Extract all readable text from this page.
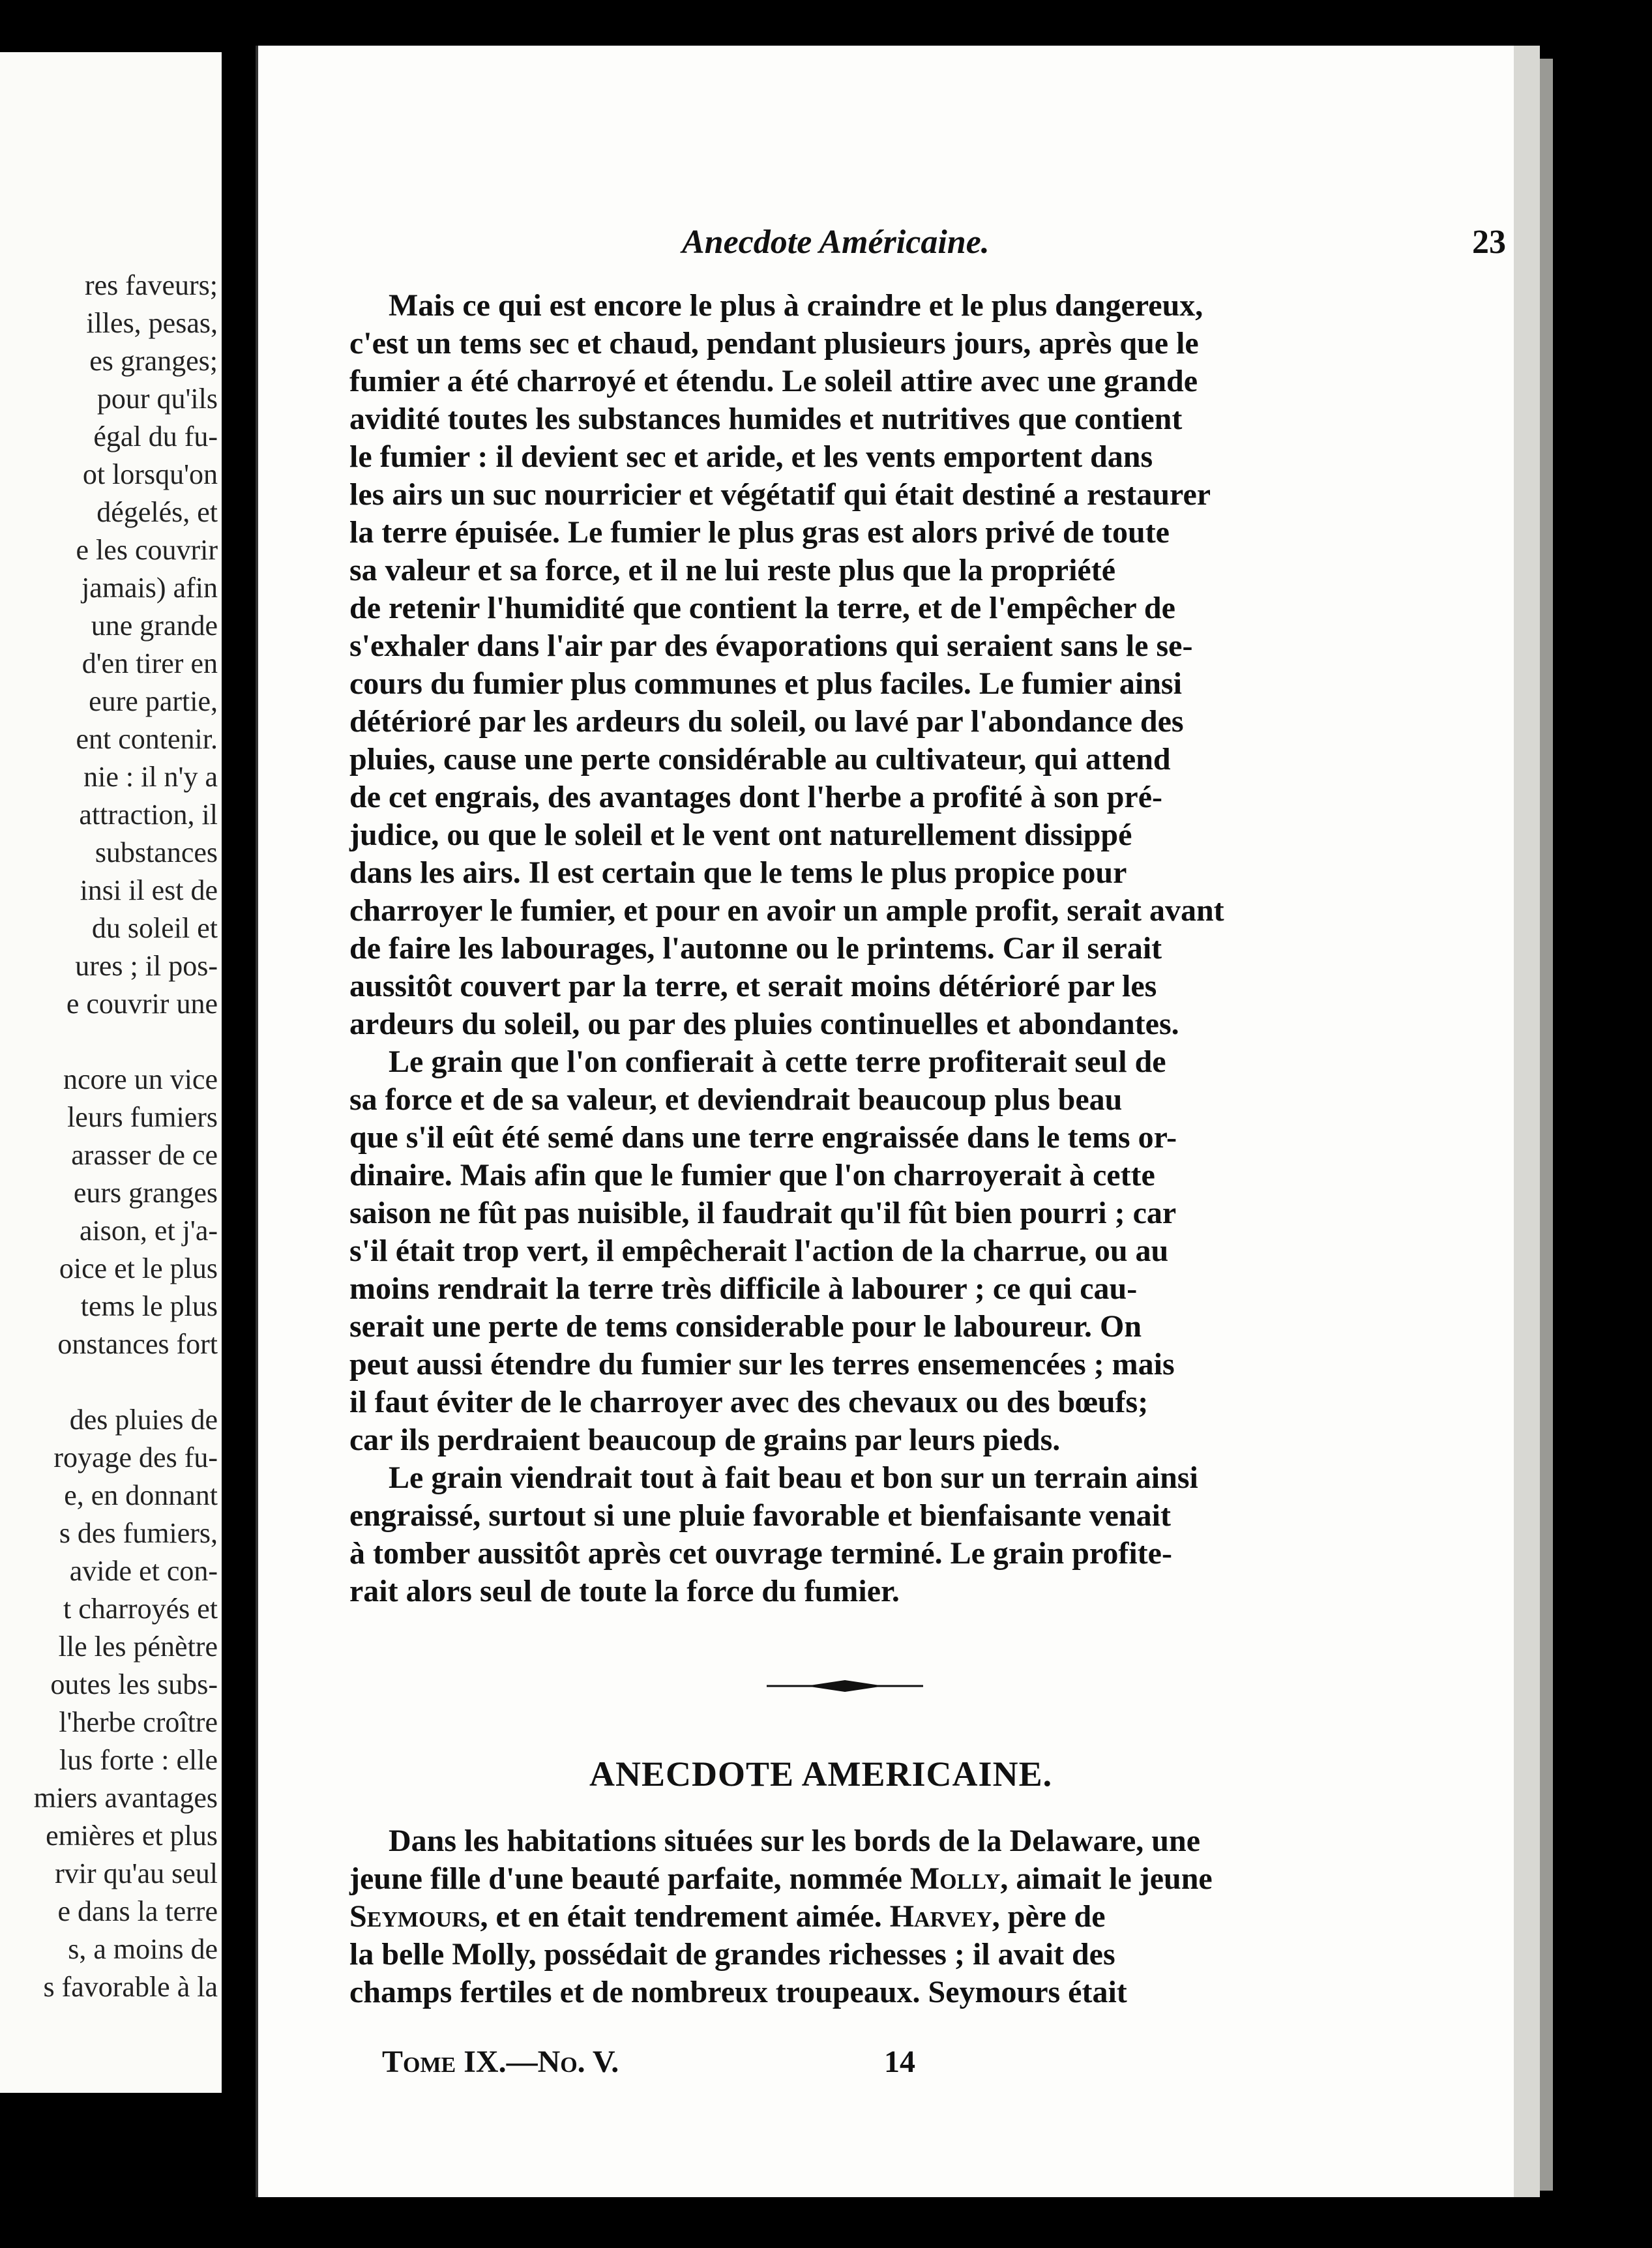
res faveurs;
illes, pesas,
es granges;
pour qu'ils
égal du fu-
ot lorsqu'on
dégelés, et
e les couvrir
jamais) afin
une grande
d'en tirer en
eure partie,
ent contenir.
nie : il n'y a
attraction, il
substances
insi il est de
du soleil et
ures ; il pos-
e couvrir une
ncore un vice
leurs fumiers
arasser de ce
eurs granges
aison, et j'a-
oice et le plus
tems le plus
onstances fort
des pluies de
royage des fu-
e, en donnant
s des fumiers,
avide et con-
t charroyés et
lle les pénètre
outes les subs-
l'herbe croître
lus forte : elle
miers avantages
emières et plus
rvir qu'au seul
e dans la terre
s, a moins de
s favorable à la
Anecdote Américaine.	23
Mais ce qui est encore le plus à craindre et le plus dangereux,
c'est un tems sec et chaud, pendant plusieurs jours, après que le
fumier a été charroyé et étendu. Le soleil attire avec une grande
avidité toutes les substances humides et nutritives que contient
le fumier : il devient sec et aride, et les vents emportent dans
les airs un suc nourricier et végétatif qui était destiné a restaurer
la terre épuisée. Le fumier le plus gras est alors privé de toute
sa valeur et sa force, et il ne lui reste plus que la propriété
de retenir l'humidité que contient la terre, et de l'empêcher de
s'exhaler dans l'air par des évaporations qui seraient sans le se-
cours du fumier plus communes et plus faciles. Le fumier ainsi
détérioré par les ardeurs du soleil, ou lavé par l'abondance des
pluies, cause une perte considérable au cultivateur, qui attend
de cet engrais, des avantages dont l'herbe a profité à son pré-
judice, ou que le soleil et le vent ont naturellement dissippé
dans les airs. Il est certain que le tems le plus propice pour
charroyer le fumier, et pour en avoir un ample profit, serait avant
de faire les labourages, l'autonne ou le printems. Car il serait
aussitôt couvert par la terre, et serait moins détérioré par les
ardeurs du soleil, ou par des pluies continuelles et abondantes.
Le grain que l'on confierait à cette terre profiterait seul de
sa force et de sa valeur, et deviendrait beaucoup plus beau
que s'il eût été semé dans une terre engraissée dans le tems or-
dinaire. Mais afin que le fumier que l'on charroyerait à cette
saison ne fût pas nuisible, il faudrait qu'il fût bien pourri ; car
s'il était trop vert, il empêcherait l'action de la charrue, ou au
moins rendrait la terre très difficile à labourer ; ce qui cau-
serait une perte de tems considerable pour le laboureur. On
peut aussi étendre du fumier sur les terres ensemencées ; mais
il faut éviter de le charroyer avec des chevaux ou des bœufs;
car ils perdraient beaucoup de grains par leurs pieds.
Le grain viendrait tout à fait beau et bon sur un terrain ainsi
engraissé, surtout si une pluie favorable et bienfaisante venait
à tomber aussitôt après cet ouvrage terminé. Le grain profite-
rait alors seul de toute la force du fumier.
ANECDOTE AMERICAINE.
Dans les habitations situées sur les bords de la Delaware, une
jeune fille d'une beauté parfaite, nommée Molly, aimait le jeune
Seymours, et en était tendrement aimée. Harvey, père de
la belle Molly, possédait de grandes richesses ; il avait des
champs fertiles et de nombreux troupeaux. Seymours était
Tome IX.—No. V.	14
